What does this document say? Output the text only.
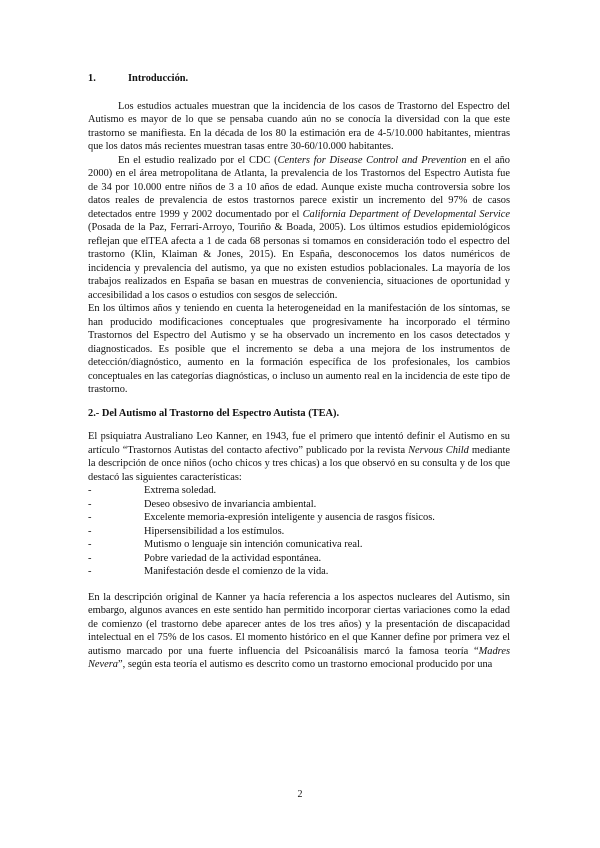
1.	Introducción.

Los estudios actuales muestran que la incidencia de los casos de Trastorno del Espectro del Autismo es mayor de lo que se pensaba cuando aún no se conocía la diversidad con la que este trastorno se manifiesta. En la década de los 80 la estimación era de 4-5/10.000 habitantes, mientras que los datos más recientes muestran tasas entre 30-60/10.000 habitantes.

En el estudio realizado por el CDC (Centers for Disease Control and Prevention en el año 2000) en el área metropolitana de Atlanta, la prevalencia de los Trastornos del Espectro Autista fue de 34 por 10.000 entre niños de 3 a 10 años de edad. Aunque existe mucha controversia sobre los datos reales de prevalencia de estos trastornos parece existir un incremento del 97% de casos detectados entre 1999 y 2002 documentado por el California Department of Developmental Service (Posada de la Paz, Ferrari-Arroyo, Touriño & Boada, 2005). Los últimos estudios epidemiológicos reflejan que elTEA afecta a 1 de cada 68 personas si tomamos en consideración todo el espectro del trastorno (Klin, Klaiman & Jones, 2015). En España, desconocemos los datos numéricos de incidencia y prevalencia del autismo, ya que no existen estudios poblacionales. La mayoría de los trabajos realizados en España se basan en muestras de conveniencia, situaciones de oportunidad y accesibilidad a los casos o estudios con sesgos de selección.

En los últimos años y teniendo en cuenta la heterogeneidad en la manifestación de los síntomas, se han producido modificaciones conceptuales que progresivamente ha incorporado el término Trastornos del Espectro del Autismo y se ha observado un incremento en los casos detectados y diagnosticados. Es posible que el incremento se deba a una mejora de los instrumentos de detección/diagnóstico, aumento en la formación específica de los profesionales, los cambios conceptuales en las categorías diagnósticas, o incluso un aumento real en la incidencia de este tipo de trastorno.

2.- Del Autismo al Trastorno del Espectro Autista (TEA).

El psiquiatra Australiano Leo Kanner, en 1943, fue el primero que intentó definir el Autismo en su artículo “Trastornos Autistas del contacto afectivo” publicado por la revista Nervous Child mediante la descripción de once niños (ocho chicos y tres chicas) a los que observó en su consulta y de los que destacó las siguientes características:

-	Extrema soledad.
-	Deseo obsesivo de invariancia ambiental.
-	Excelente memoria-expresión inteligente y ausencia de rasgos físicos.
-	Hipersensibilidad a los estímulos.
-	Mutismo o lenguaje sin intención comunicativa real.
-	Pobre variedad de la actividad espontánea.
-	Manifestación desde el comienzo de la vida.

En la descripción original de Kanner ya hacía referencia a los aspectos nucleares del Autismo, sin embargo, algunos avances en este sentido han permitido incorporar ciertas variaciones como la edad de comienzo (el trastorno debe aparecer antes de los tres años) y la presentación de discapacidad intelectual en el 75% de los casos. El momento histórico en el que Kanner define por primera vez el autismo marcado por una fuerte influencia del Psicoanálisis marcó la famosa teoría “Madres Nevera”, según esta teoría el autismo es descrito como un trastorno emocional producido por una

2
